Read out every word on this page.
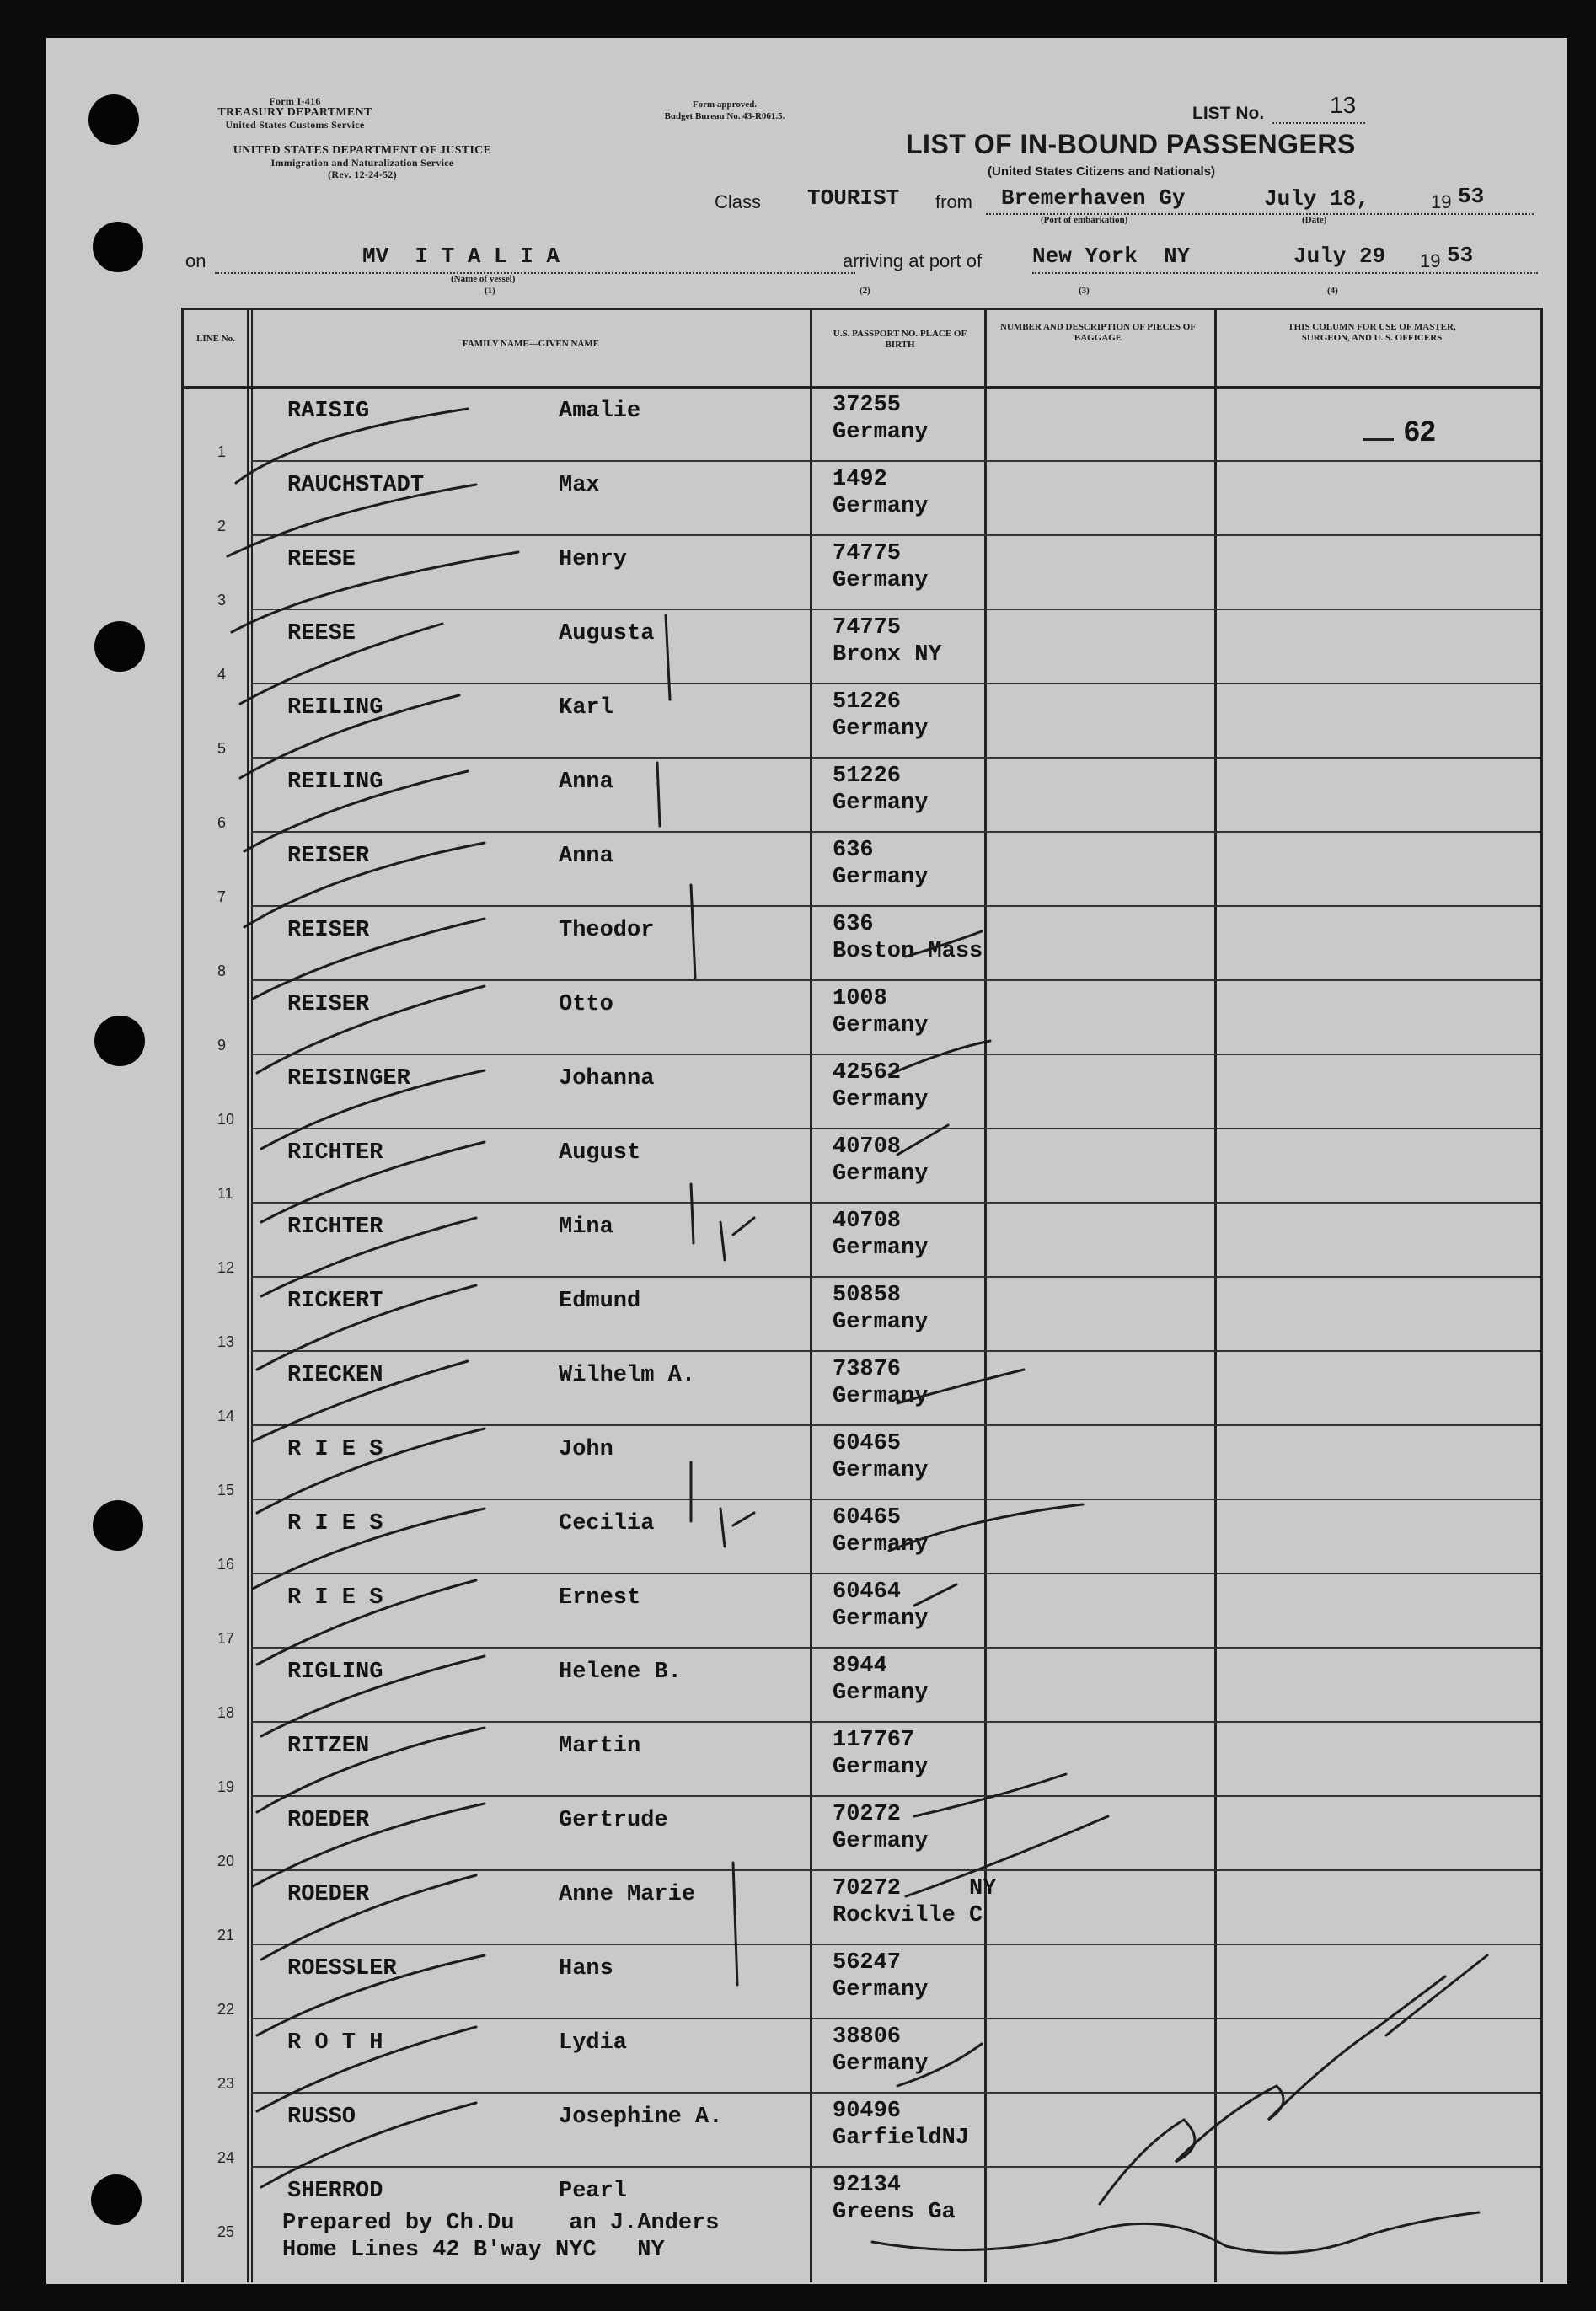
Form I-416
TREASURY DEPARTMENT
United States Customs Service
UNITED STATES DEPARTMENT OF JUSTICE
Immigration and Naturalization Service
(Rev. 12-24-52)
Form approved.
Budget Bureau No. 43-R061.5.	LIST No.	13
LIST OF IN-BOUND PASSENGERS
(United States Citizens and Nationals)
Class TOURIST from Bremerhaven Gy	July 18,	19 53
(Port of embarkation)	(Date)
on	MV  I T A L I A
(Name of vessel)
(1)
arriving at port of
(2)
New York  NY
(3)
July 29 19 53
(4)
LINE No.	FAMILY NAME—GIVEN NAME
U.S. PASSPORT NO. PLACE OF BIRTH
NUMBER AND DESCRIPTION OF PIECES OF BAGGAGE
THIS COLUMN FOR USE OF MASTER, SURGEON, AND U. S. OFFICERS
1
RAISIG	Amalie	37255
Germany
2
RAUCHSTADT	Max	1492
Germany
3
REESE	Henry	74775
Germany
4
REESE	Augusta	74775
Bronx NY
5
REILING	Karl	51226
Germany
6
REILING	Anna	51226
Germany
7
REISER	Anna	636
Germany
8
REISER	Theodor	636
Boston Mass
9
REISER	Otto	1008
Germany
10
REISINGER	Johanna	42562
Germany
11
RICHTER	August	40708
Germany
12
RICHTER	Mina	40708
Germany
13
RICKERT	Edmund	50858
Germany
14
RIECKEN	Wilhelm A.	73876
Germany
15
R I E S	John	60465
Germany
16
R I E S	Cecilia	60465
Germany
17
R I E S	Ernest	60464
Germany
18
RIGLING	Helene B.	8944
Germany
19
RITZEN	Martin	117767
Germany
20
ROEDER	Gertrude	70272
Germany
21
ROEDER	Anne Marie	70272     NY
Rockville C
22
ROESSLER	Hans	56247
Germany
23
R O T H	Lydia	38806
Germany
24
RUSSO	Josephine A.	90496
GarfieldNJ
25
SHERROD	Pearl	92134
Greens Ga
62
Prepared by Ch.Du    an J.Anders
Home Lines 42 B'way NYC   NY
